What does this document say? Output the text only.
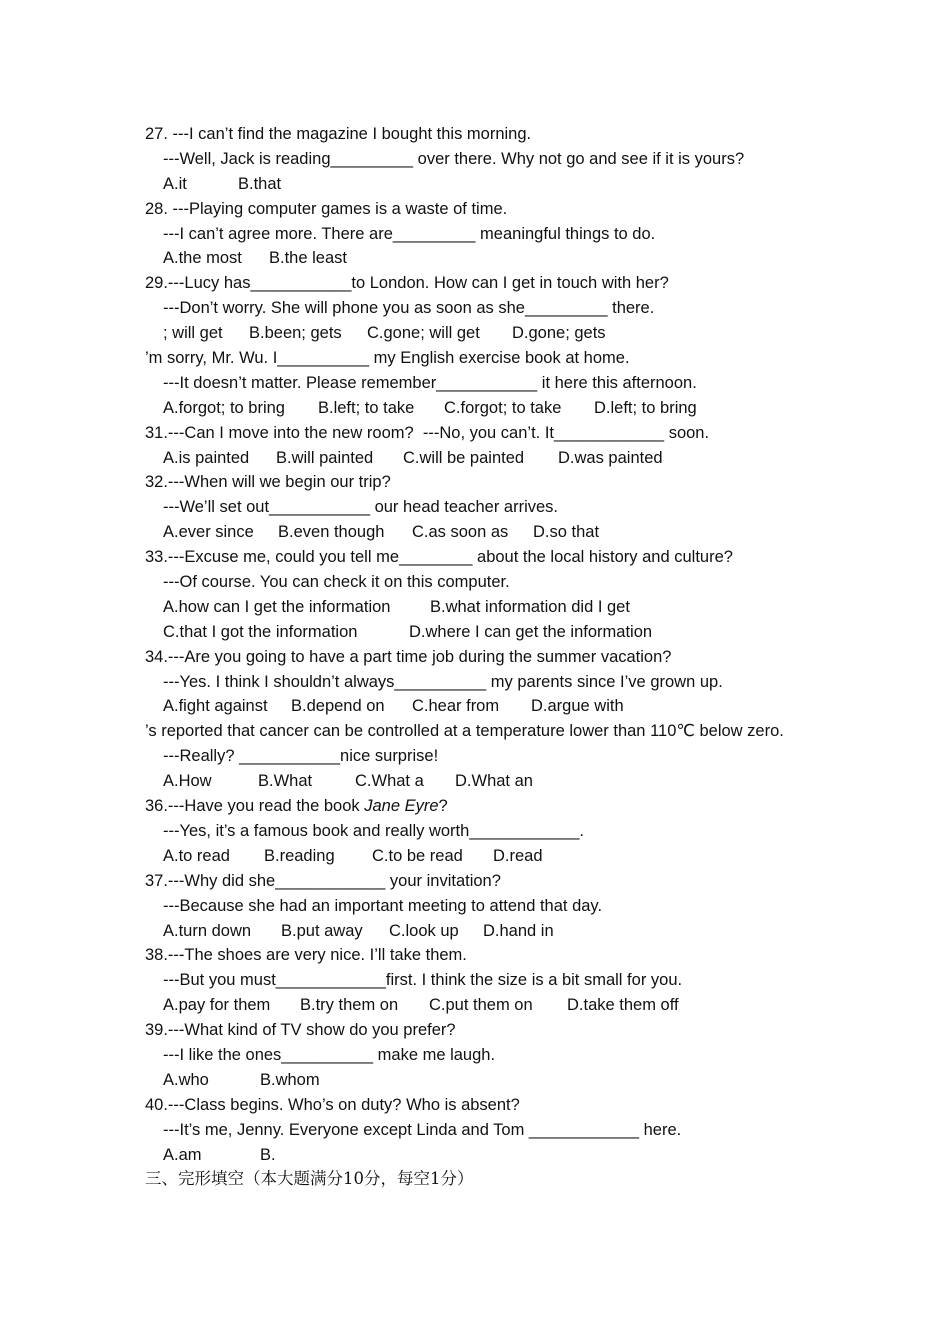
27. ---I can’t find the magazine I bought this morning.
---Well, Jack is reading_________ over there. Why not go and see if it is yours?
A.it	B.that
28. ---Playing computer games is a waste of time.
---I can’t agree more. There are_________ meaningful things to do.
A.the most B.the least
29.---Lucy has___________to London. How can I get in touch with her?
---Don’t worry. She will phone you as soon as she_________ there.
; will get B.been; gets C.gone; will get D.gone; gets
’m sorry, Mr. Wu. I__________ my English exercise book at home.
---It doesn’t matter. Please remember___________ it here this afternoon.
A.forgot; to bring B.left; to take C.forgot; to take D.left; to bring
31.---Can I move into the new room?  ---No, you can’t. It____________ soon.
A.is painted B.will painted C.will be painted D.was painted
32.---When will we begin our trip?
---We’ll set out___________ our head teacher arrives.
A.ever since B.even though C.as soon as D.so that
33.---Excuse me, could you tell me________ about the local history and culture?
---Of course. You can check it on this computer.
A.how can I get the information B.what information did I get
C.that I got the information	D.where I can get the information
34.---Are you going to have a part time job during the summer vacation?
---Yes. I think I shouldn’t always__________ my parents since I’ve grown up.
A.fight against B.depend on C.hear from D.argue with
’s reported that cancer can be controlled at a temperature lower than 110℃ below zero.
---Really? ___________nice surprise!
A.How	B.What	C.What a D.What an
36.---Have you read the book Jane Eyre?
---Yes, it’s a famous book and really worth____________.
A.to read B.reading C.to be read D.read
37.---Why did she____________ your invitation?
---Because she had an important meeting to attend that day.
A.turn down B.put away C.look up D.hand in
38.---The shoes are very nice. I’ll take them.
---But you must____________first. I think the size is a bit small for you.
A.pay for them B.try them on C.put them on D.take them off
39.---What kind of TV show do you prefer?
---I like the ones__________ make me laugh.
A.who	B.whom
40.---Class begins. Who’s on duty? Who is absent?
---It’s me, Jenny. Everyone except Linda and Tom ____________ here.
A.am	B.
三、完形填空（本大题满分10分，每空1分）
